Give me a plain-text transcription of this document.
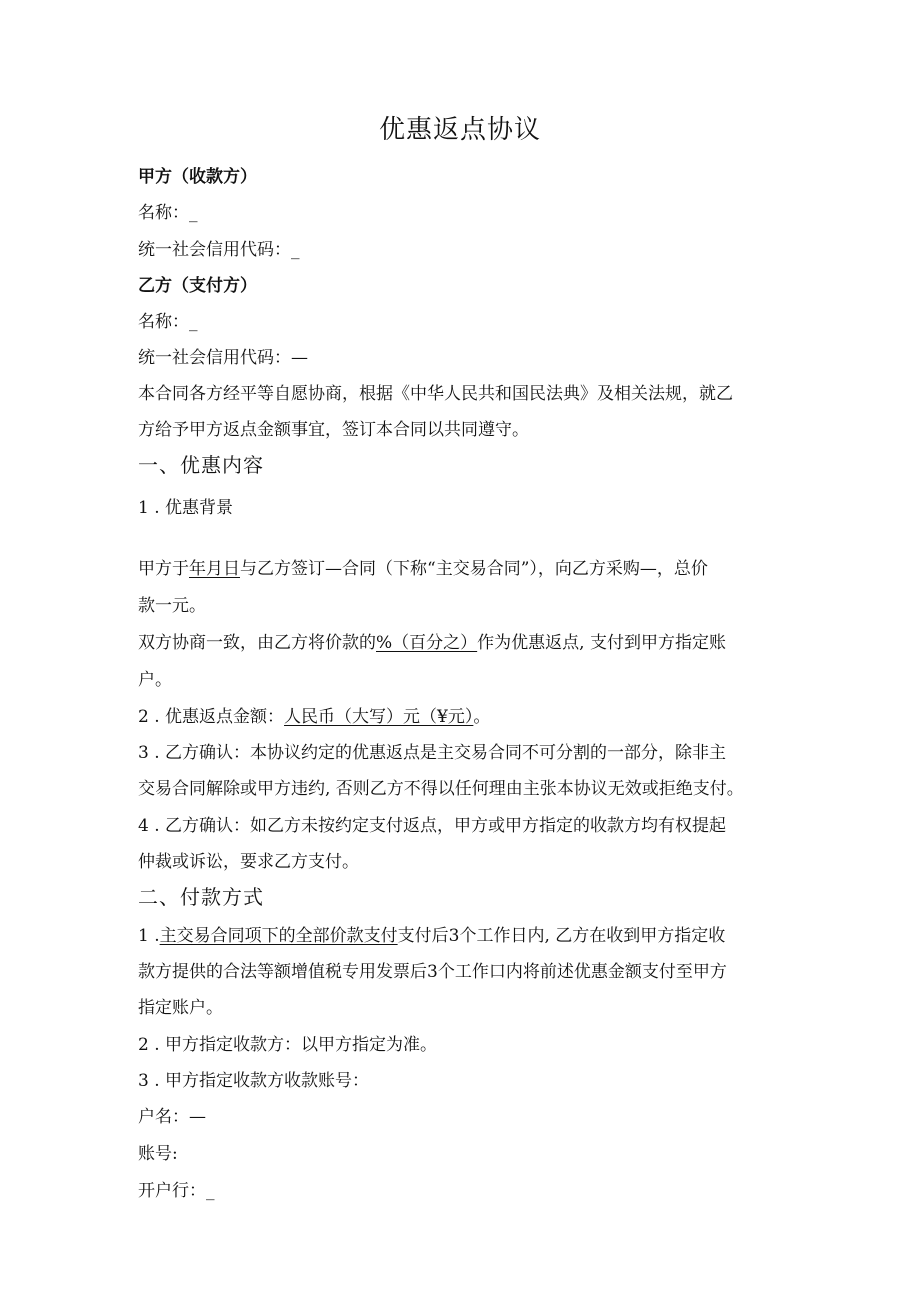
优惠返点协议
甲方（收款方）
名称：_
统一社会信用代码：_
乙方（支付方）
名称：_
统一社会信用代码：—
本合同各方经平等自愿协商，根据《中华人民共和国民法典》及相关法规，就乙
方给予甲方返点金额事宜，签订本合同以共同遵守。
一、优惠内容
1 . 优惠背景
甲方于年月日与乙方签订—合同（下称“主交易合同”），向乙方采购—，总价
款一元。
双方协商一致，由乙方将价款的%（百分之）作为优惠返点, 支付到甲方指定账
户。
2 . 优惠返点金额：人民币（大写）元（¥元）。
3 . 乙方确认：本协议约定的优惠返点是主交易合同不可分割的一部分，除非主
交易合同解除或甲方违约, 否则乙方不得以任何理由主张本协议无效或拒绝支付。
4 . 乙方确认：如乙方未按约定支付返点，甲方或甲方指定的收款方均有权提起
仲裁或诉讼，要求乙方支付。
二、付款方式
1 .主交易合同项下的全部价款支付支付后3个工作日内, 乙方在收到甲方指定收
款方提供的合法等额增值税专用发票后3个工作口内将前述优惠金额支付至甲方
指定账户。
2 . 甲方指定收款方：以甲方指定为准。
3 . 甲方指定收款方收款账号：
户名：—
账号:
开户行：_
